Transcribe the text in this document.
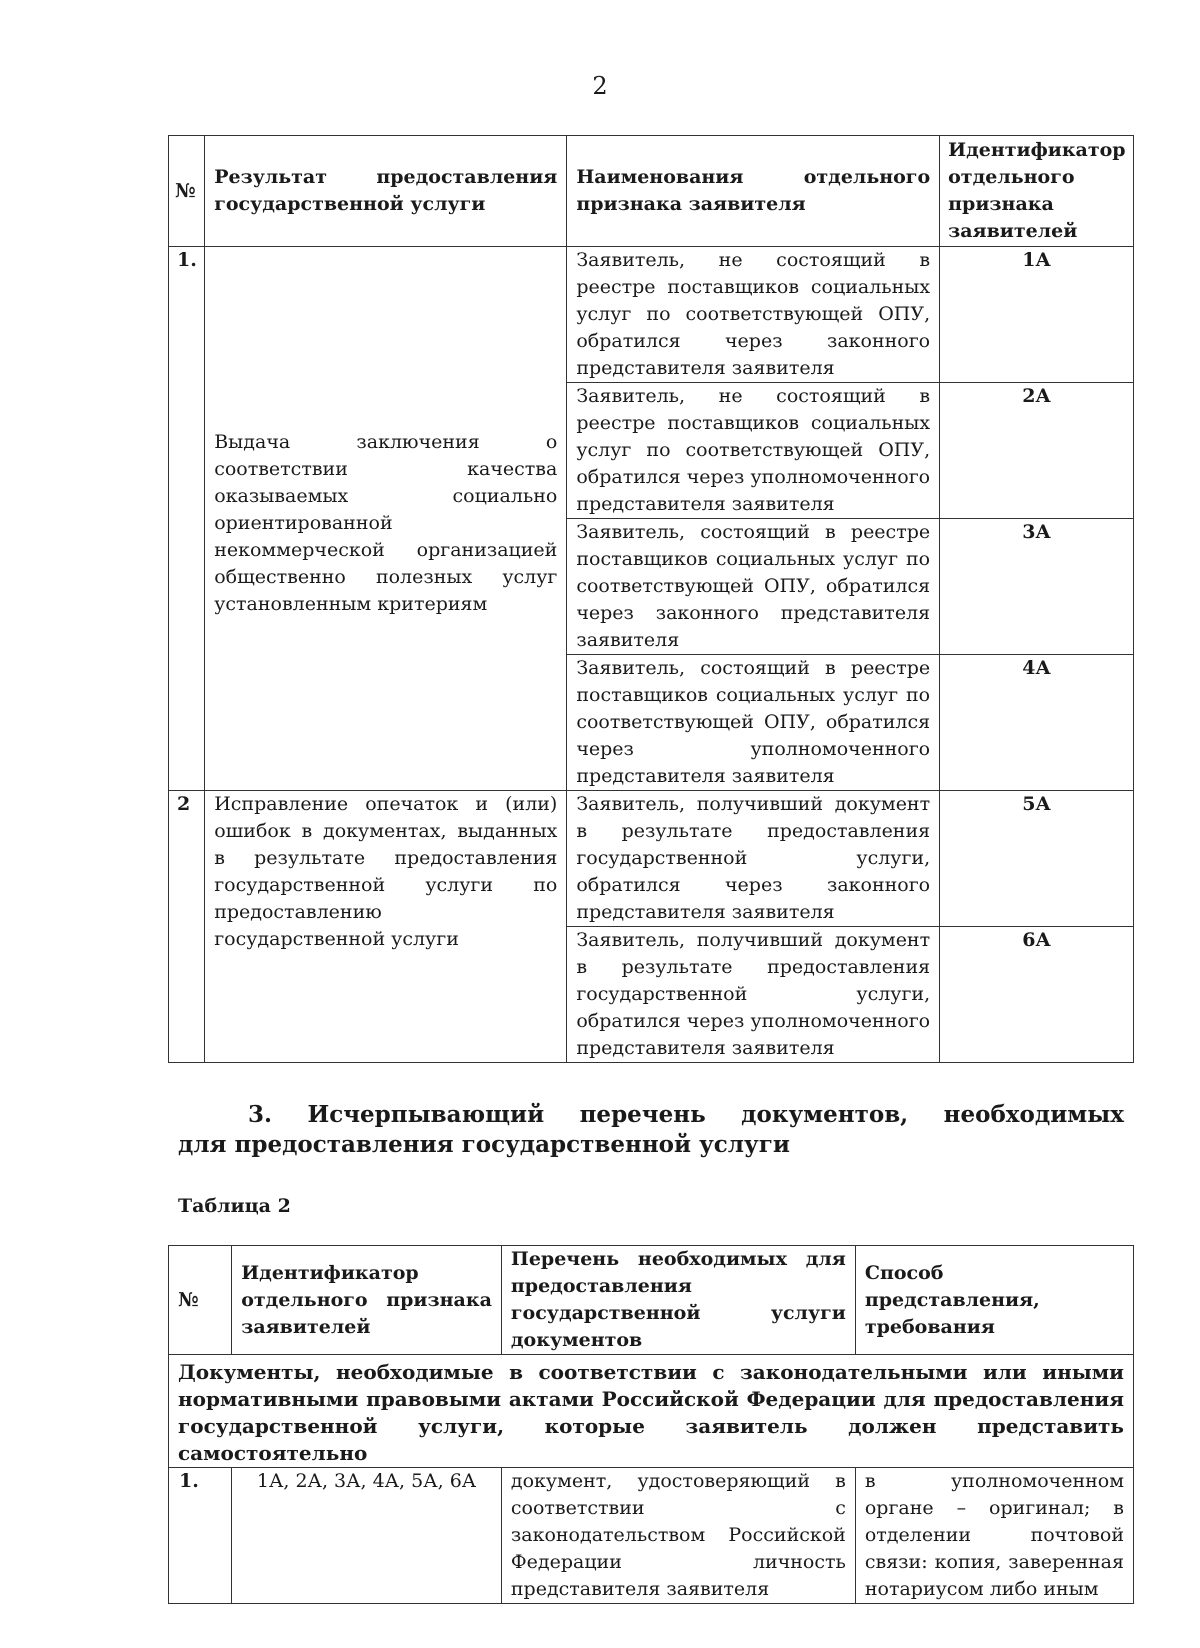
2
№	Результат предоставления государственной услуги	Наименования отдельного признака заявителя	Идентификатор отдельного признака заявителей
1.	Выдача заключения о соответствии качества оказываемых социально ориентированной некоммерческой организацией общественно полезных услуг установленным критериям	Заявитель, не состоящий в реестре поставщиков социальных услуг по соответствующей ОПУ, обратился через законного представителя заявителя	1А
		Заявитель, не состоящий в реестре поставщиков социальных услуг по соответствующей ОПУ, обратился через уполномоченного представителя заявителя	2А
		Заявитель, состоящий в реестре поставщиков социальных услуг по соответствующей ОПУ, обратился через законного представителя заявителя	3А
		Заявитель, состоящий в реестре поставщиков социальных услуг по соответствующей ОПУ, обратился через уполномоченного представителя заявителя	4А
2	Исправление опечаток и (или) ошибок в документах, выданных в результате предоставления государственной услуги по предоставлению государственной услуги	Заявитель, получивший документ в результате предоставления государственной услуги, обратился через законного представителя заявителя	5А
		Заявитель, получивший документ в результате предоставления государственной услуги, обратился через уполномоченного представителя заявителя	6А
3. Исчерпывающий перечень документов, необходимых
для предоставления государственной услуги
Таблица 2
№	Идентификатор отдельного признака заявителей	Перечень необходимых для предоставления государственной услуги документов	Способ представления, требования
Документы, необходимые в соответствии с законодательными или иными нормативными правовыми актами Российской Федерации для предоставления государственной услуги, которые заявитель должен представить самостоятельно			
1.	1А, 2А, 3А, 4А, 5А, 6А	документ, удостоверяющий в соответствии с законодательством Российской Федерации личность представителя заявителя	в уполномоченном органе – оригинал; в отделении почтовой связи: копия, заверенная нотариусом либо иным
